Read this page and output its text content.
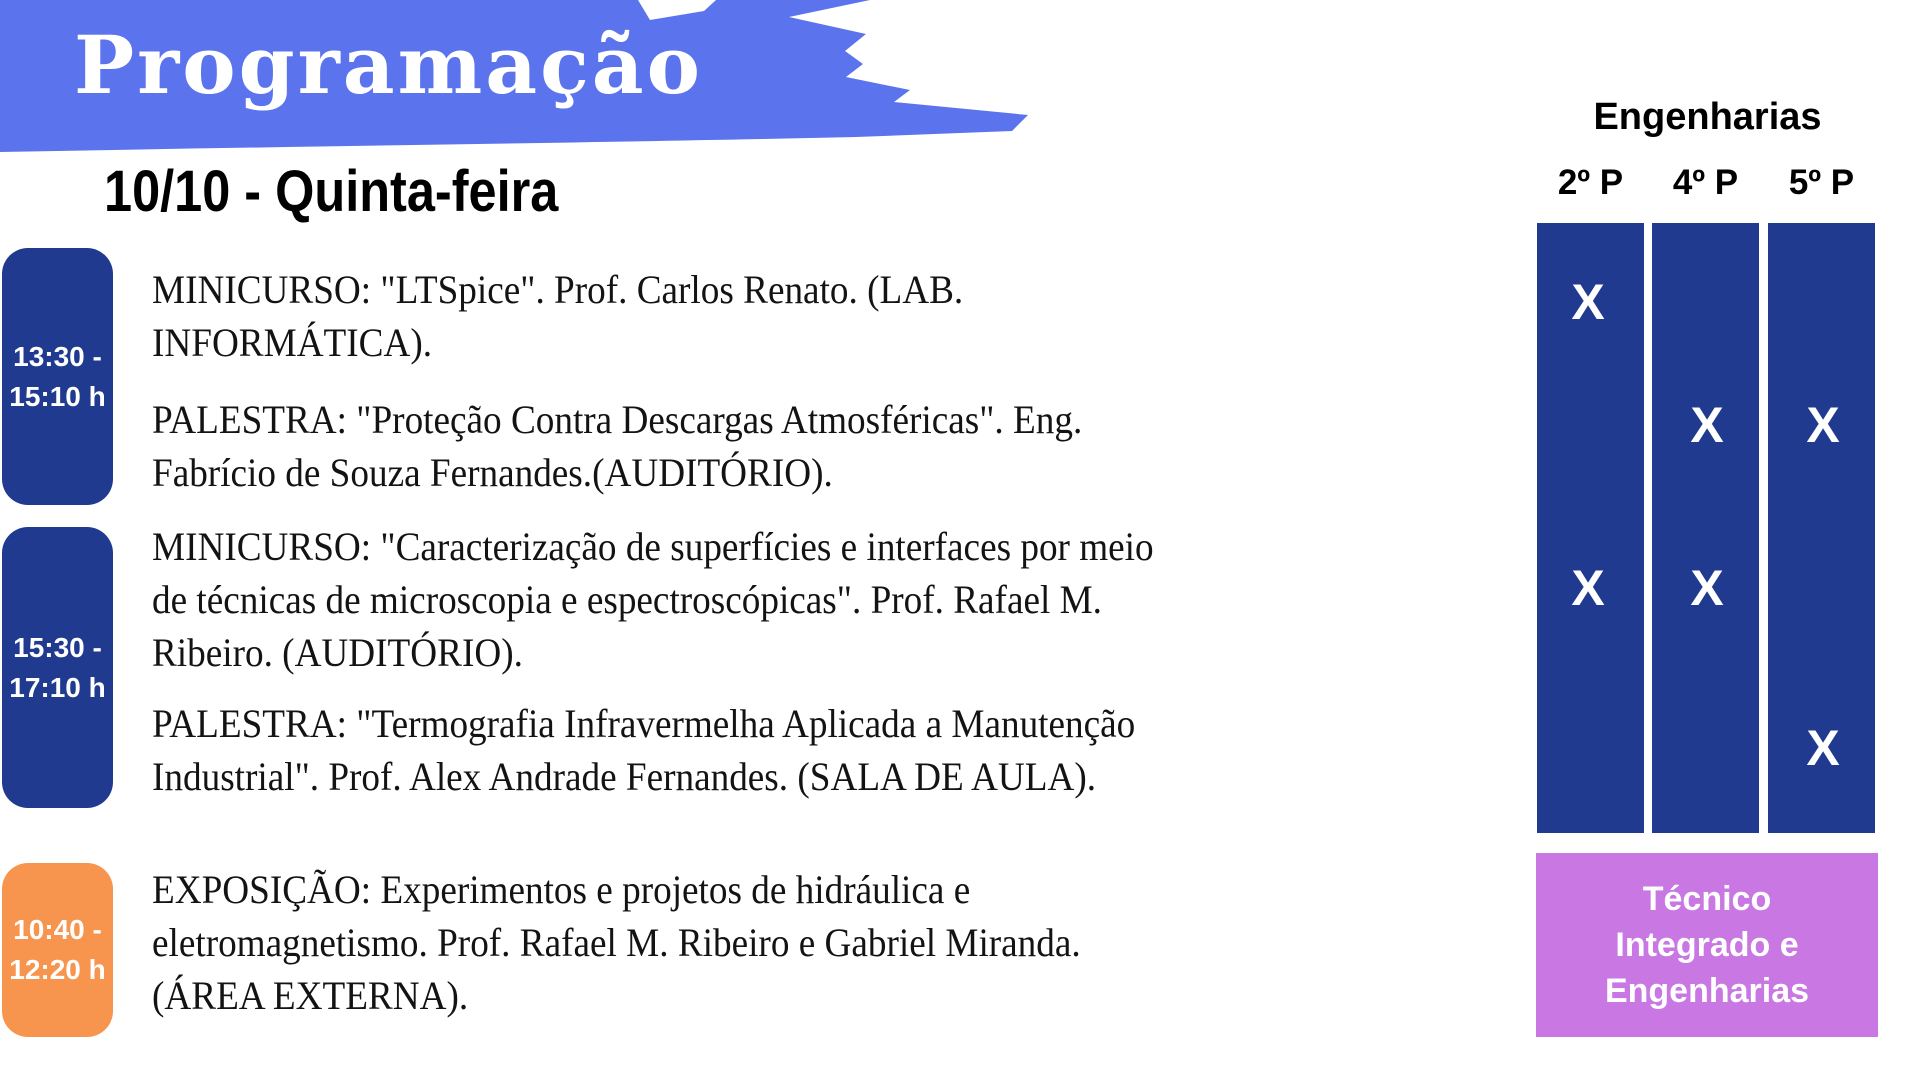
Programação
10/10 - Quinta-feira
13:30 -
15:10 h
15:30 -
17:10 h
10:40 -
12:20 h
MINICURSO: "LTSpice". Prof. Carlos Renato. (LAB.
INFORMÁTICA).
PALESTRA: "Proteção Contra Descargas Atmosféricas". Eng.
Fabrício de Souza Fernandes.(AUDITÓRIO).
MINICURSO: "Caracterização de superfícies e interfaces por meio
de técnicas de microscopia e espectroscópicas". Prof. Rafael M.
Ribeiro. (AUDITÓRIO).
PALESTRA: "Termografia Infravermelha Aplicada a Manutenção
Industrial". Prof. Alex Andrade Fernandes. (SALA DE AULA).
EXPOSIÇÃO: Experimentos e projetos de hidráulica e
eletromagnetismo. Prof. Rafael M. Ribeiro e Gabriel Miranda.
(ÁREA EXTERNA).
Engenharias
2º P	4º P	5º P
X
X X
X X
X
Técnico
Integrado e
Engenharias
